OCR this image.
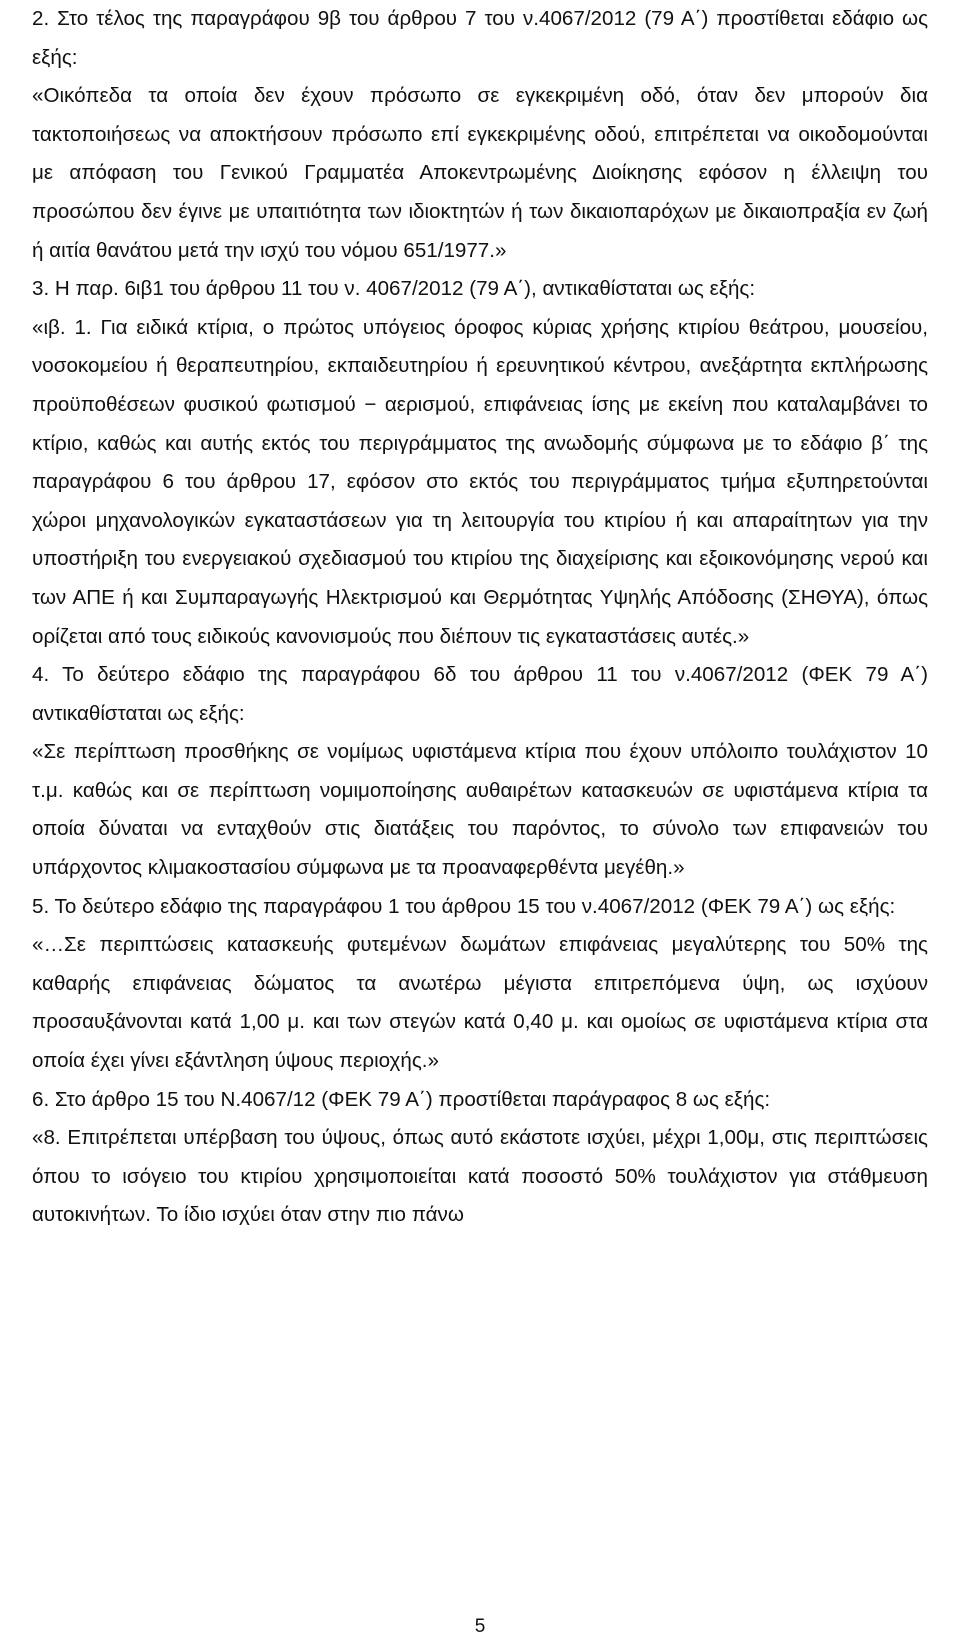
2. Στο τέλος της παραγράφου 9β του άρθρου 7 του ν.4067/2012 (79 Α΄) προστίθεται εδάφιο ως εξής:

«Οικόπεδα τα οποία δεν έχουν πρόσωπο σε εγκεκριμένη οδό, όταν δεν μπορούν δια τακτοποιήσεως να αποκτήσουν πρόσωπο επί εγκεκριμένης οδού, επιτρέπεται να οικοδομούνται με απόφαση του Γενικού Γραμματέα Αποκεντρωμένης Διοίκησης εφόσον η έλλειψη του προσώπου δεν έγινε με υπαιτιότητα των ιδιοκτητών ή των δικαιοπαρόχων με δικαιοπραξία εν ζωή ή αιτία θανάτου μετά την ισχύ του νόμου 651/1977.»

3. Η παρ. 6ιβ1 του άρθρου 11 του ν. 4067/2012 (79 Α΄), αντικαθίσταται ως εξής:

«ιβ. 1. Για ειδικά κτίρια, ο πρώτος υπόγειος όροφος κύριας χρήσης κτιρίου θεάτρου, μουσείου, νοσοκομείου ή θεραπευτηρίου, εκπαιδευτηρίου ή ερευνητικού κέντρου, ανεξάρτητα εκπλήρωσης προϋποθέσεων φυσικού φωτισμού − αερισμού, επιφάνειας ίσης με εκείνη που καταλαμβάνει το κτίριο, καθώς και αυτής εκτός του περιγράμματος της ανωδομής σύμφωνα με το εδάφιο β΄ της παραγράφου 6 του άρθρου 17, εφόσον στο εκτός του περιγράμματος τμήμα εξυπηρετούνται χώροι μηχανολογικών εγκαταστάσεων για τη λειτουργία του κτιρίου ή και απαραίτητων για την υποστήριξη του ενεργειακού σχεδιασμού του κτιρίου της διαχείρισης και εξοικονόμησης νερού και των ΑΠΕ ή και Συμπαραγωγής Ηλεκτρισμού και Θερμότητας Υψηλής Απόδοσης (ΣΗΘΥΑ), όπως ορίζεται από τους ειδικούς κανονισμούς που διέπουν τις εγκαταστάσεις αυτές.»

4. Το δεύτερο εδάφιο της παραγράφου 6δ του άρθρου 11 του ν.4067/2012 (ΦΕΚ 79 Α΄) αντικαθίσταται ως εξής:

«Σε περίπτωση προσθήκης σε νομίμως υφιστάμενα κτίρια που έχουν υπόλοιπο τουλάχιστον 10 τ.μ. καθώς και σε περίπτωση νομιμοποίησης αυθαιρέτων κατασκευών σε υφιστάμενα κτίρια τα οποία δύναται να ενταχθούν στις διατάξεις του παρόντος, το σύνολο των επιφανειών του υπάρχοντος κλιμακοστασίου σύμφωνα με τα προαναφερθέντα μεγέθη.»

5. Το δεύτερο εδάφιο της παραγράφου 1 του άρθρου 15 του ν.4067/2012 (ΦΕΚ 79 Α΄) ως εξής:

«…Σε περιπτώσεις κατασκευής φυτεμένων δωμάτων επιφάνειας μεγαλύτερης του 50% της καθαρής επιφάνειας δώματος τα ανωτέρω μέγιστα επιτρεπόμενα ύψη, ως ισχύουν προσαυξάνονται κατά 1,00 μ. και των στεγών κατά 0,40 μ. και ομοίως σε υφιστάμενα κτίρια στα οποία έχει γίνει εξάντληση ύψους περιοχής.»

6. Στο άρθρο 15 του Ν.4067/12 (ΦΕΚ 79 Α΄) προστίθεται παράγραφος 8 ως εξής:

«8. Επιτρέπεται υπέρβαση του ύψους, όπως αυτό εκάστοτε ισχύει, μέχρι 1,00μ, στις περιπτώσεις όπου το ισόγειο του κτιρίου χρησιμοποιείται κατά ποσοστό 50% τουλάχιστον για στάθμευση αυτοκινήτων. Το ίδιο ισχύει όταν στην πιο πάνω

5
